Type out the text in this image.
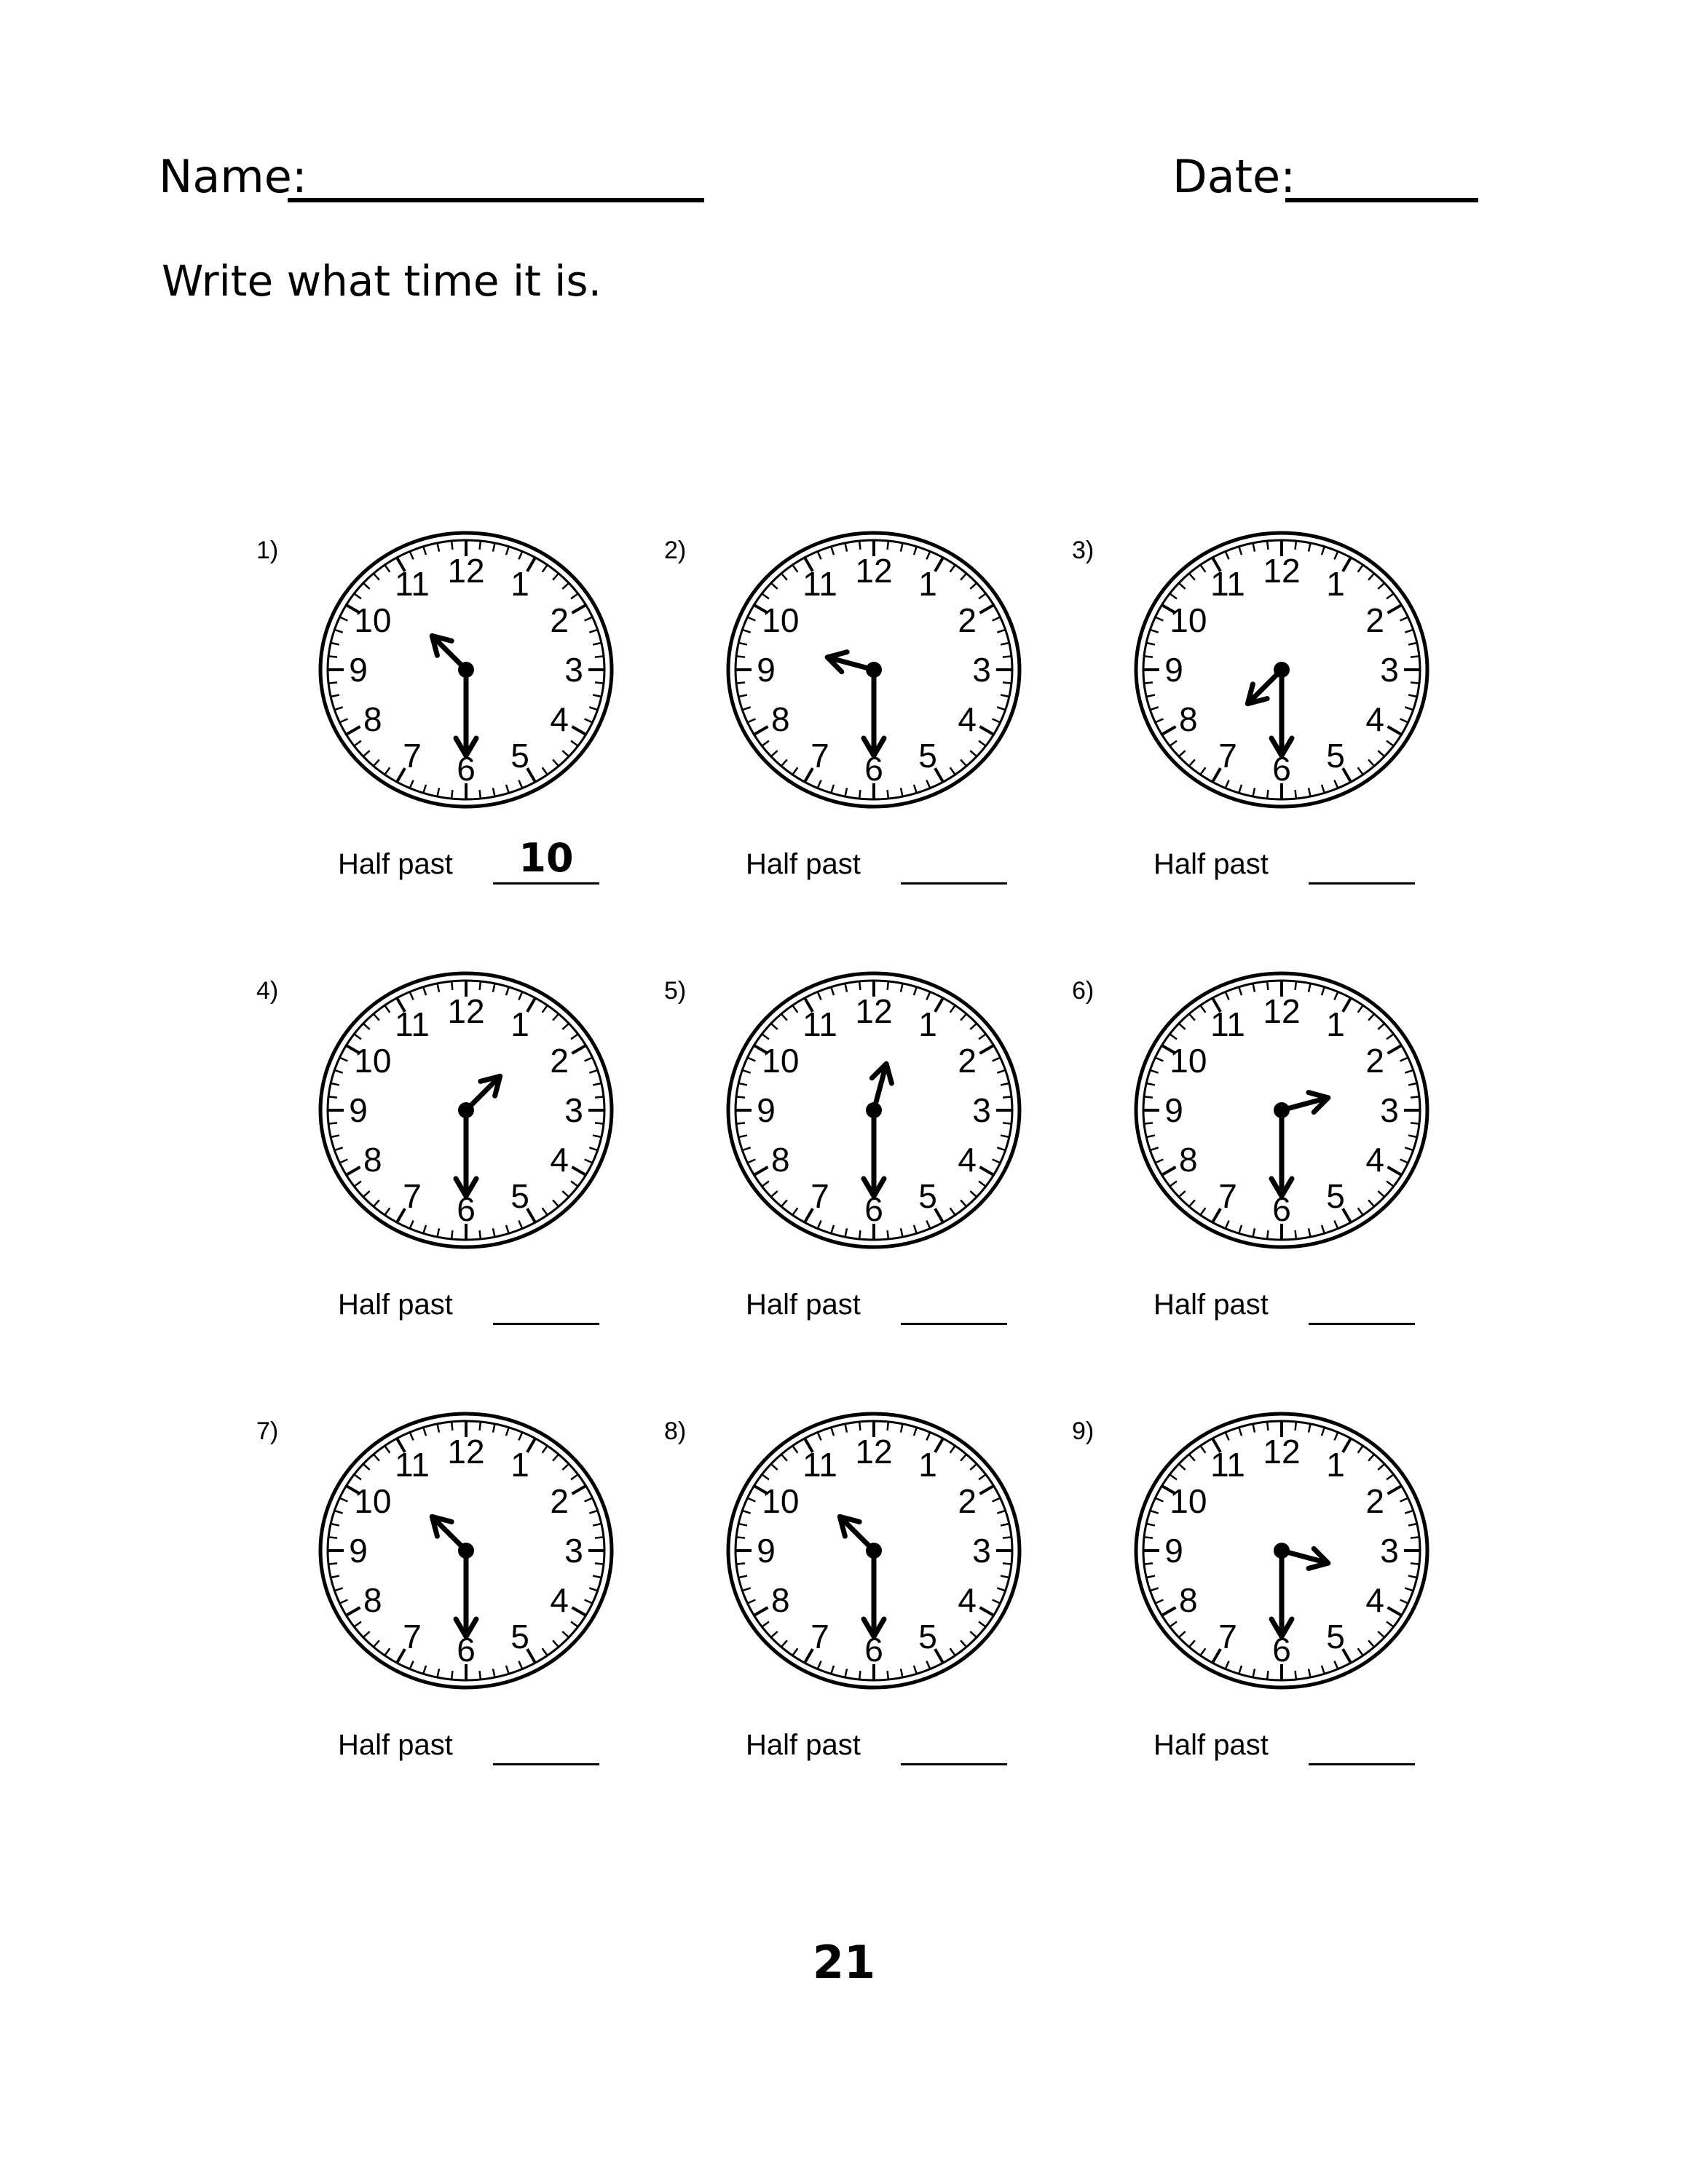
Name:	Date:
Write what time it is.
1)
12 1
2
3
4
5
6
7
8
9
10
11
Half past	10
2)
12 1
2
3
4
5
6
7
8
9
10
11
Half past
3)
12 1
2
3
4
5
6
7
8
9
10
11
Half past
4)
12 1
2
3
4
5
6
7
8
9
10
11
Half past
5)
12 1
2
3
4
5
6
7
8
9
10
11
Half past
6)
12 1
2
3
4
5
6
7
8
9
10
11
Half past
7)
12 1
2
3
4
5
6
7
8
9
10
11
Half past
8)
12 1
2
3
4
5
6
7
8
9
10
11
Half past
9)
12 1
2
3
4
5
6
7
8
9
10
11
Half past
21
